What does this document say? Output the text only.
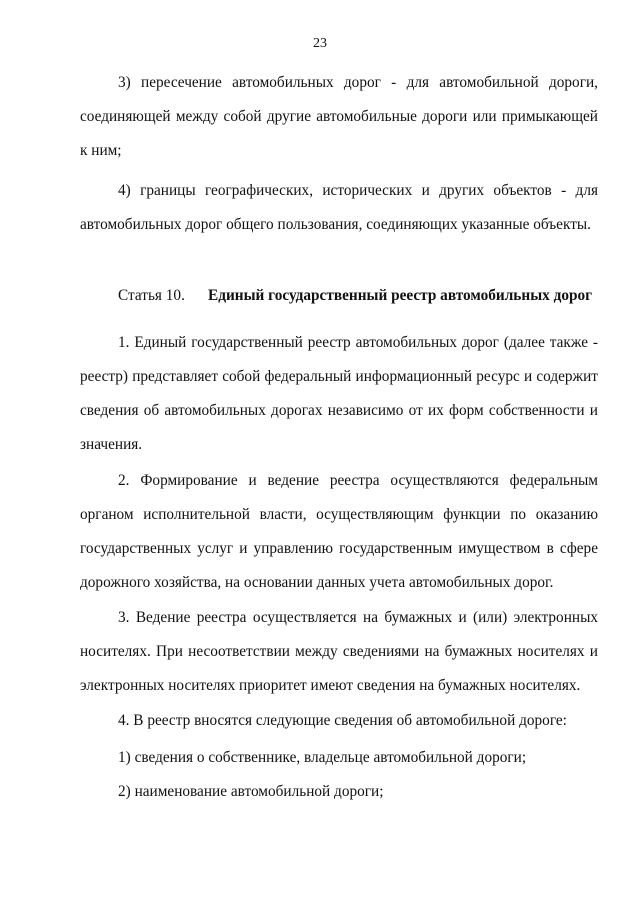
23

3) пересечение автомобильных дорог - для автомобильной дороги, соединяющей между собой другие автомобильные дороги или примыкающей к ним;

4) границы географических, исторических и других объектов - для автомобильных дорог общего пользования, соединяющих указанные объекты.

Статья 10. Единый государственный реестр автомобильных дорог

1. Единый государственный реестр автомобильных дорог (далее также - реестр) представляет собой федеральный информационный ресурс и содержит сведения об автомобильных дорогах независимо от их форм собственности и значения.

2. Формирование и ведение реестра осуществляются федеральным органом исполнительной власти, осуществляющим функции по оказанию государственных услуг и управлению государственным имуществом в сфере дорожного хозяйства, на основании данных учета автомобильных дорог.

3. Ведение реестра осуществляется на бумажных и (или) электронных носителях. При несоответствии между сведениями на бумажных носителях и электронных носителях приоритет имеют сведения на бумажных носителях.

4. В реестр вносятся следующие сведения об автомобильной дороге:

1) сведения о собственнике, владельце автомобильной дороги;

2) наименование автомобильной дороги;
